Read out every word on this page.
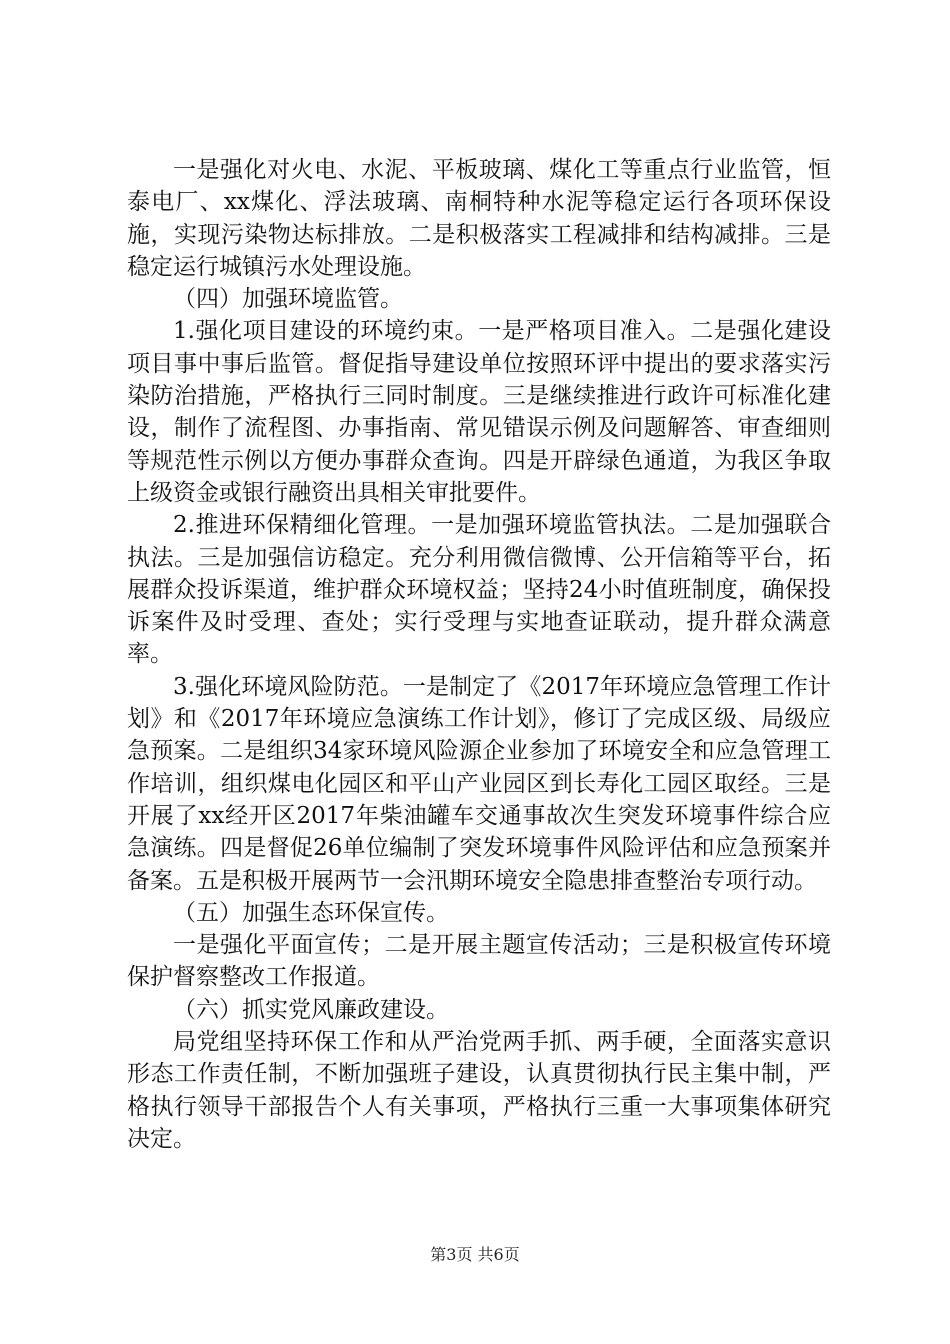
一是强化对火电、水泥、平板玻璃、煤化工等重点行业监管，恒泰电厂、xx煤化、浮法玻璃、南桐特种水泥等稳定运行各项环保设施，实现污染物达标排放。二是积极落实工程减排和结构减排。三是稳定运行城镇污水处理设施。

（四）加强环境监管。

1.强化项目建设的环境约束。一是严格项目准入。二是强化建设项目事中事后监管。督促指导建设单位按照环评中提出的要求落实污染防治措施，严格执行三同时制度。三是继续推进行政许可标准化建设，制作了流程图、办事指南、常见错误示例及问题解答、审查细则等规范性示例以方便办事群众查询。四是开辟绿色通道，为我区争取上级资金或银行融资出具相关审批要件。

2.推进环保精细化管理。一是加强环境监管执法。二是加强联合执法。三是加强信访稳定。充分利用微信微博、公开信箱等平台，拓展群众投诉渠道，维护群众环境权益；坚持24小时值班制度，确保投诉案件及时受理、查处；实行受理与实地查证联动，提升群众满意率。

3.强化环境风险防范。一是制定了《2017年环境应急管理工作计划》和《2017年环境应急演练工作计划》，修订了完成区级、局级应急预案。二是组织34家环境风险源企业参加了环境安全和应急管理工作培训，组织煤电化园区和平山产业园区到长寿化工园区取经。三是开展了xx经开区2017年柴油罐车交通事故次生突发环境事件综合应急演练。四是督促26单位编制了突发环境事件风险评估和应急预案并备案。五是积极开展两节一会汛期环境安全隐患排查整治专项行动。

（五）加强生态环保宣传。

一是强化平面宣传；二是开展主题宣传活动；三是积极宣传环境保护督察整改工作报道。

（六）抓实党风廉政建设。

局党组坚持环保工作和从严治党两手抓、两手硬，全面落实意识形态工作责任制，不断加强班子建设，认真贯彻执行民主集中制，严格执行领导干部报告个人有关事项，严格执行三重一大事项集体研究决定。

第3页 共6页
